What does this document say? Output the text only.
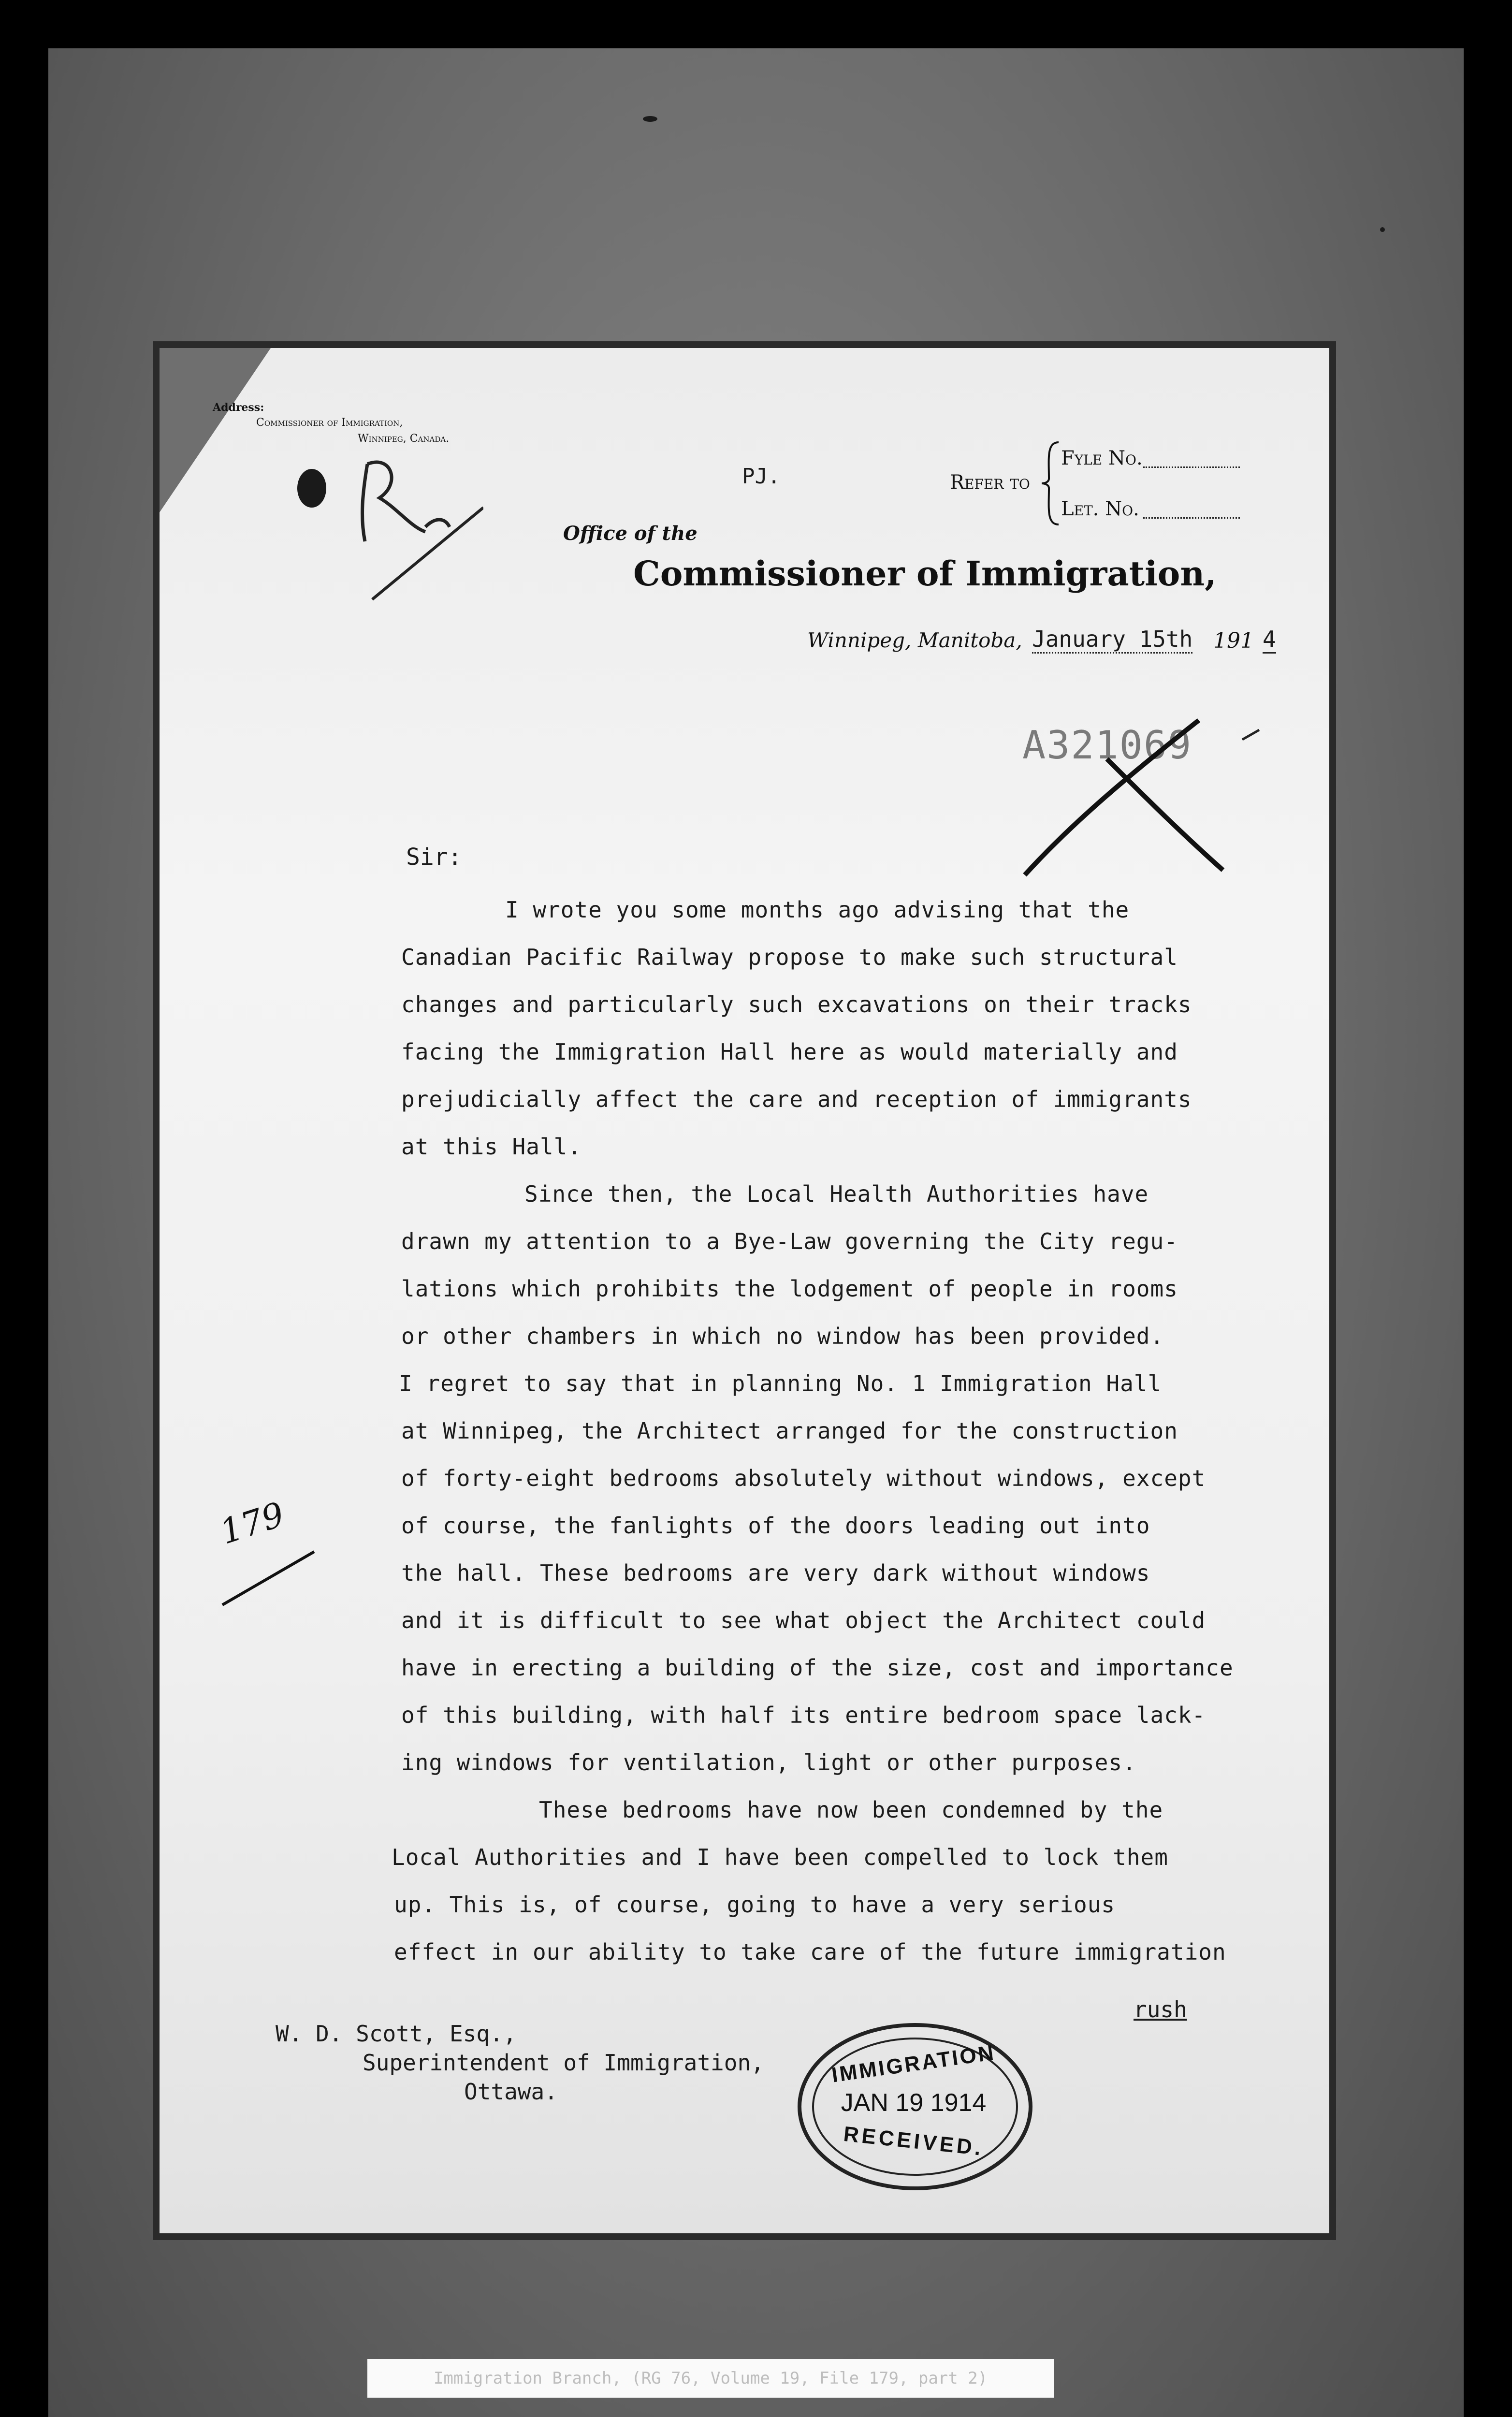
Address:
Commissioner of Immigration,
Winnipeg, Canada.
PJ.	Refer to
Fyle No.
Let. No.
Office of the
Commissioner of Immigration,
Winnipeg, Manitoba, January 15th 191 4
A321069
Sir:
I wrote you some months ago advising that the
Canadian Pacific Railway propose to make such structural
changes and particularly such excavations on their tracks
facing the Immigration Hall here as would materially and
prejudicially affect the care and reception of immigrants
at this Hall.
Since then, the Local Health Authorities have
drawn my attention to a Bye-Law governing the City regu-
lations which prohibits the lodgement of people in rooms
or other chambers in which no window has been provided.
I regret to say that in planning No. 1 Immigration Hall
at Winnipeg, the Architect arranged for the construction
of forty-eight bedrooms absolutely without windows, except
of course, the fanlights of the doors leading out into
the hall. These bedrooms are very dark without windows
and it is difficult to see what object the Architect could
have in erecting a building of the size, cost and importance
of this building, with half its entire bedroom space lack-
ing windows for ventilation, light or other purposes.
These bedrooms have now been condemned by the
Local Authorities and I have been compelled to lock them
up. This is, of course, going to have a very serious
effect in our ability to take care of the future immigration
rush
179
W. D. Scott, Esq.,
Superintendent of Immigration,
Ottawa.
IMMIGRATION
JAN 19 1914
RECEIVED.
Immigration Branch, (RG 76, Volume 19, File 179, part 2)
